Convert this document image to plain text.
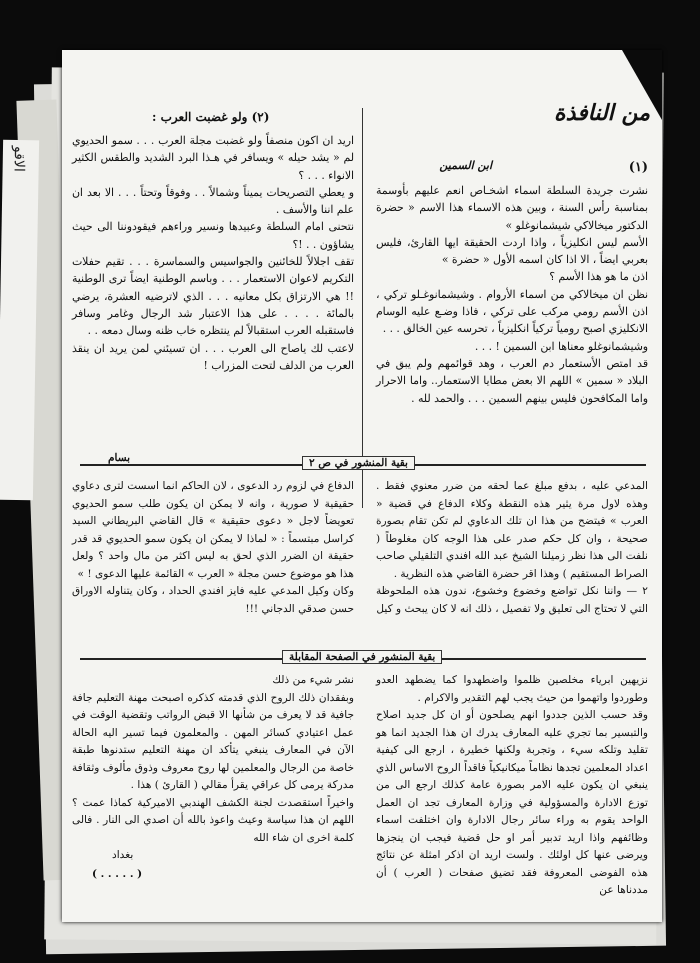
الاقو
من النافذة
(١)
ابن السمين
(٢) ولو غضبت العرب :

نشرت جريدة السلطة اسماء اشخـاص انعم عليهم بأوسمة بمناسبة رأس السنة ، وبين هذه الاسماء هذا الاسم « حضرة الدكتور ميخالاكي شيشمانوغلو »

الأسم ليس انكليزياً ، واذا اردت الحقيقة ايها القارئ، فليس بعربي ايضاً ، الا اذا كان اسمه الأول « حضرة »

اذن ما هو هذا الأسم ؟

نظن ان ميخالاكي من اسماء الأروام . وشيشمانوغـلو تركي ، اذن الأسم رومي مركب على تركي ، فاذا وضـع عليه الوسام الانكليزي اصبح رومياً تركياً انكليزياً ، تحرسه عين الخالق . . .

وشيشمانوغلو معناها ابن السمين ! . . .

قد امتص الأستعمار دم العرب ، وهد قوائمهم ولم يبق في البلاد « سمين » اللهم الا بعض مطايا الاستعمار.. واما الاحرار واما المكافحون فليس بينهم السمين . . . والحمد لله .

اريد ان اكون منصفاً ولو غضبت مجلة العرب . . . سمو الحديوي لم « يشد حيله » ويسافر في هـذا البرد الشديد والطقس الكثير الانواء . . . ؟

و يعطي التصريحات يميناً وشمالاً . . وفوقاً وتحتاً . . . الا بعد ان علم اننا والأسف .

نتحنى امام السلطة وعبيدها ونسير وراءهم فيقودوننا الى حيث يشاؤون . . !؟

تقف اجلالاً للخائنين والجواسيس والسماسرة . . . تقيم حفلات التكريم لاعوان الاستعمار . . . وباسم الوطنية ايضاً ترى الوطنية !! هي الارتزاق بكل معانيه . . . الذي لاترضيه العشرة، يرضي بالمائة . . . . على هذا الاعتبار شد الرجال وغامر وسافر فاستقبله العرب استقبالاً لم ينتظره خاب ظنه وسال دمعه . .

لاعتب لك ياصاح الى العرب . . . ان تسيئني لمن يريد ان ينقذ العرب من الدلف لتحت المزراب !

بسام	بقية المنشور في ص ٢

المدعي عليه ، بدفع مبلغ عما لحقه من ضرر معنوي فقط . وهذه لاول مرة يثير هذه النقطة وكلاء الدفاع في قضية « العرب » فيتضح من هذا ان تلك الدعاوي لم تكن تقام بصورة صحيحة ، وان كل حكم صدر على هذا الوجه كان مغلوطاً ( نلفت الى هذا نظر زميلنا الشيخ عبد الله افندي التلقيلي صاحب الصراط المستقيم ) وهذا اقر حضرة القاضي هذه النظرية .

٢ — واننا نكل تواضع وخضوع وخشوع، ندون هذه الملحوظة التي لا تحتاج الى تعليق ولا تفصيل ، ذلك انه لا كان يبحث و كيل

الدفاع في لزوم رد الدعوى ، لان الحاكم انما اسست لترى دعاوي حقيقية لا صورية ، وانه لا يمكن ان يكون طلب سمو الحديوي تعويضاً لاجل « دعوى حقيقية » قال القاضي البريطاني السيد كراسل مبتسماً : « لماذا لا يمكن ان يكون سمو الحديوي قد قدر حقيقة ان الضرر الذي لحق به ليس اكثر من مال واحد ؟ ولعل هذا هو موضوع حسن مجلة « العرب » القائمة عليها الدعوى ! »

وكان وكيل المدعي عليه فايز افندي الحداد ، وكان يتناوله الاوراق حسن صدقي الدجاني !!!

بقية المنشور في الصفحة المقابلة

نزيهين ابرياء مخلصين ظلموا واضطهدوا كما يضطهد العدو وطوردوا واتهموا من حيث يجب لهم التقدير والاكرام .

وقد حسب الذين جددوا انهم يصلحون أو ان كل جديد اصلاح والتبسير بما تجري عليه المعارف يدرك ان هذا الجديد انما هو تقليد وتلكه سيء ، وتجربة ولكنها خطيرة ، ارجع الى كيفية اعداد المعلمين تجدها نظاماً ميكانيكياً فاقداً الروح الاساس الذي ينبغي ان يكون عليه الامر بصورة عامة كذلك ارجع الى من توزع الادارة والمسؤولية في وزارة المعارف تجد ان العمل الواحد يقوم به وراء سائر رجال الادارة وان اختلفت اسماء وظائفهم واذا اريد تدبير أمر او حل قضية فيجب ان ينجزها ويرضى عنها كل اولئك . ولست اريد ان اذكر امثلة عن نتائج هذه الفوضى المعروفة فقد تضيق صفحات ( العرب ) أن مددناها عن

نشر شيء من ذلك

وبفقدان ذلك الروح الذي قدمته كذكره اصبحت مهنة التعليم جافة جافية قد لا يعرف من شأنها الا قبض الرواتب وتقضية الوقت في عمل اعتيادي كسائر المهن . والمعلمون فيما تسير اليه الحالة الآن في المعارف ينبغي يتأكد ان مهنة التعليم ستدنوها طبقة خاصة من الرجال والمعلمين لها روح معروف وذوق مألوف وثقافة مدركة يرمى كل عراقي يقرأ مقالي ( القارئ ) هذا .

واخيراً استقصدت لجنة الكشف الهندبي الاميركية كماذا عمت ؟ اللهم ان هذا سياسة وعيث واعوذ بالله أن اصدي الى النار . فالى كلمة اخرى ان شاء الله

بغداد

( . . . . . )
